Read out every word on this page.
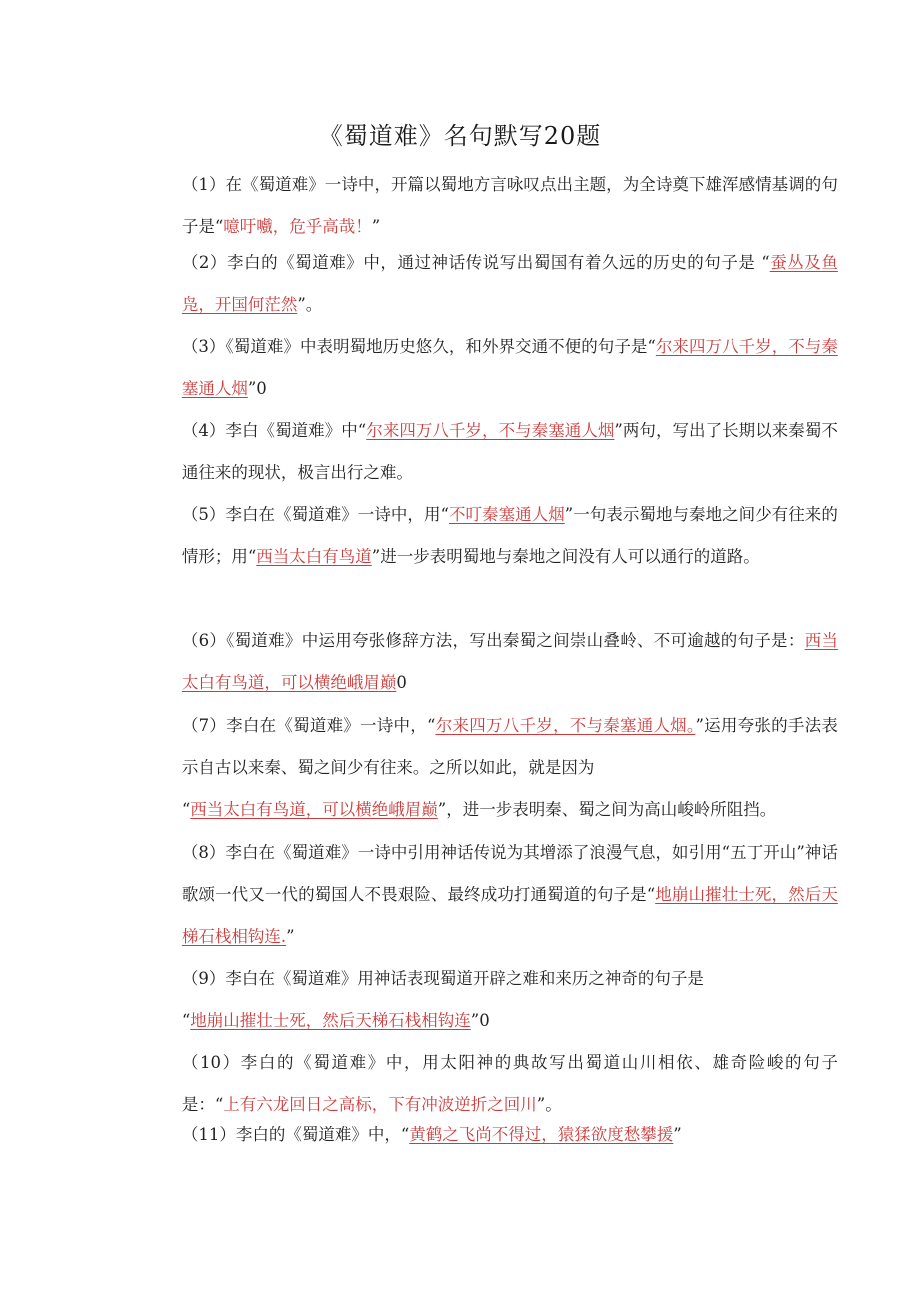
《蜀道难》名句默写20题
（1）在《蜀道难》一诗中，开篇以蜀地方言咏叹点出主题，为全诗奠下雄浑感情基调的句子是“噫吁嚱，危乎高哉！”
（2）李白的《蜀道难》中，通过神话传说写出蜀国有着久远的历史的句子是 “蚕丛及鱼凫，开国何茫然”。
（3）《蜀道难》中表明蜀地历史悠久，和外界交通不便的句子是“尔来四万八千岁，不与秦塞通人烟”0
（4）李白《蜀道难》中“尔来四万八千岁，不与秦塞通人烟”两句，写出了长期以来秦蜀不通往来的现状，极言出行之难。
（5）李白在《蜀道难》一诗中，用“不叮秦塞通人烟”一句表示蜀地与秦地之间少有往来的情形；用“西当太白有鸟道”进一步表明蜀地与秦地之间没有人可以通行的道路。
（6）《蜀道难》中运用夸张修辞方法，写出秦蜀之间崇山叠岭、不可逾越的句子是：西当太白有鸟道，可以横绝峨眉巅0
（7）李白在《蜀道难》一诗中，“尔来四万八千岁，不与秦塞通人烟。”运用夸张的手法表示自古以来秦、蜀之间少有往来。之所以如此，就是因为
“西当太白有鸟道，可以横绝峨眉巅”，进一步表明秦、蜀之间为高山峻岭所阻挡。
（8）李白在《蜀道难》一诗中引用神话传说为其增添了浪漫气息，如引用“五丁开山”神话歌颂一代又一代的蜀国人不畏艰险、最终成功打通蜀道的句子是“地崩山摧壮士死，然后天梯石栈相钩连.”
（9）李白在《蜀道难》用神话表现蜀道开辟之难和来历之神奇的句子是
“地崩山摧壮士死，然后天梯石栈相钩连”0
（10）李白的《蜀道难》中，用太阳神的典故写出蜀道山川相依、雄奇险峻的句子是：“上有六龙回日之高标，下有冲波逆折之回川”。
（11）李白的《蜀道难》中，“黄鹤之飞尚不得过，猿猱欲度愁攀援”
